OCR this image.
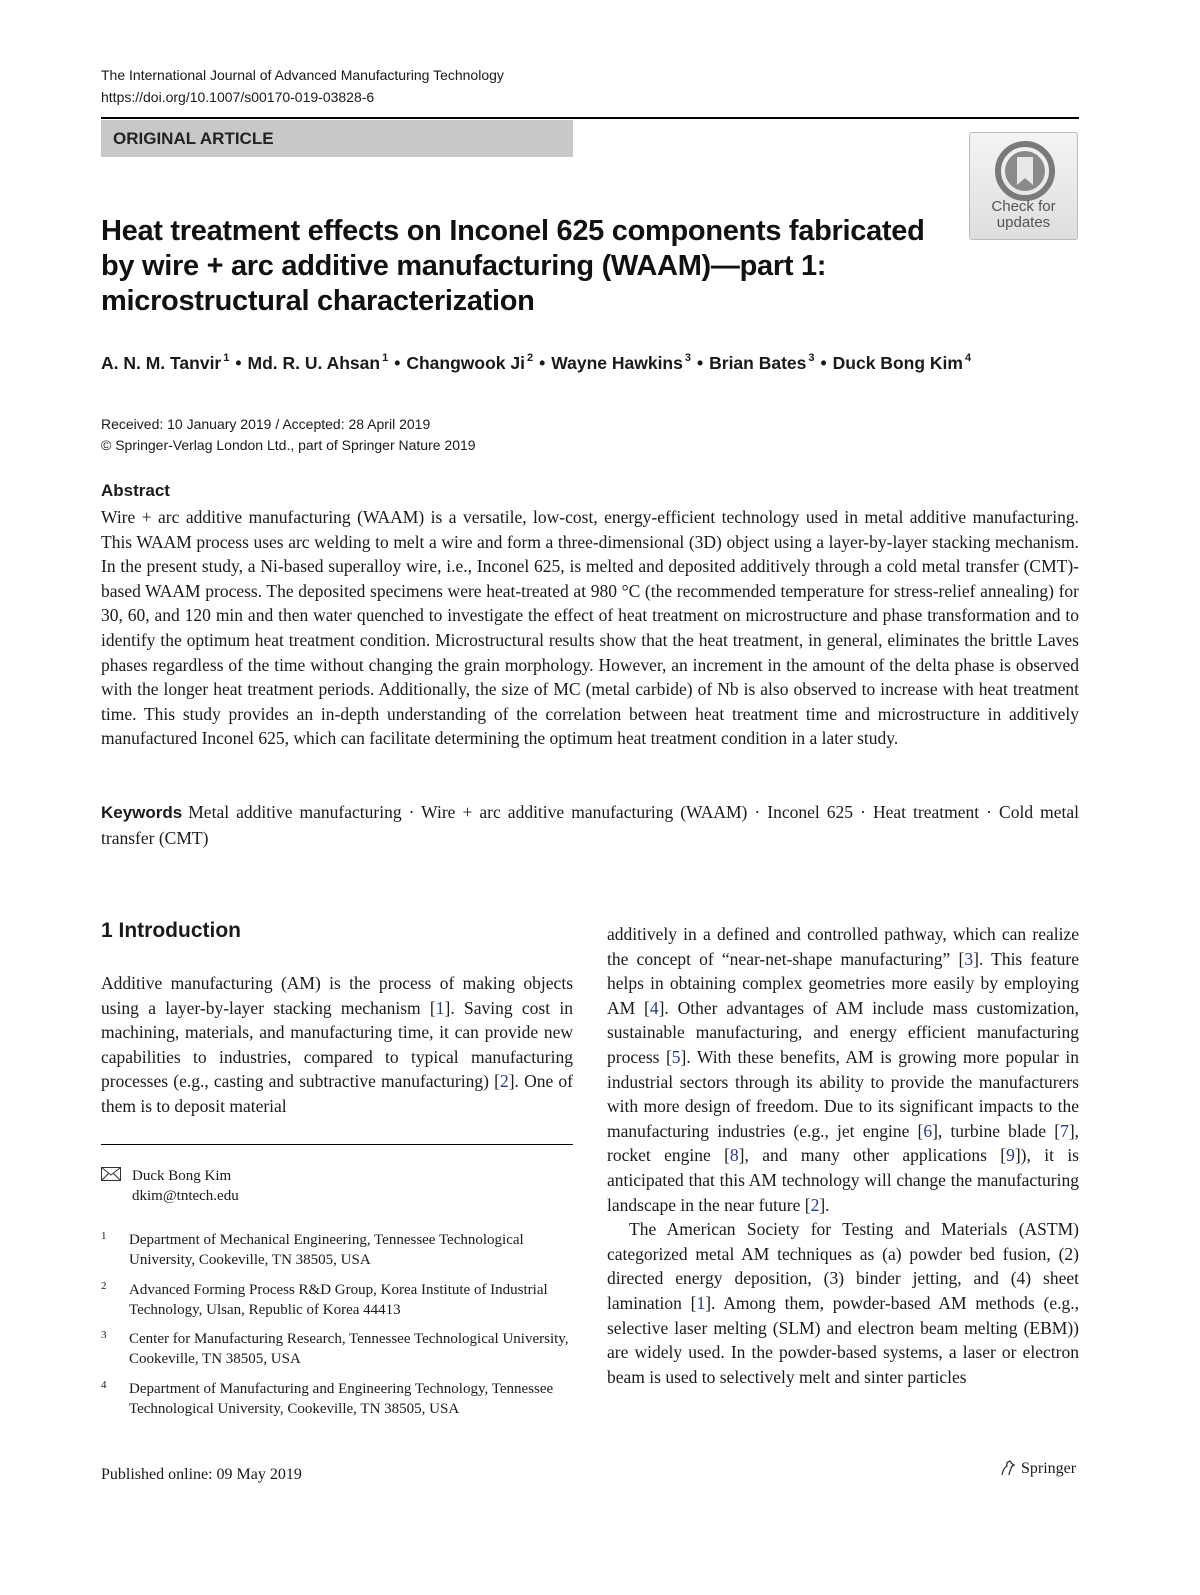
The International Journal of Advanced Manufacturing Technology
https://doi.org/10.1007/s00170-019-03828-6
ORIGINAL ARTICLE
Check for
updates
Heat treatment effects on Inconel 625 components fabricated by wire + arc additive manufacturing (WAAM)—part 1: microstructural characterization
A. N. M. Tanvir $^1$ • Md. R. U. Ahsan $^1$ • Changwook Ji $^2$ • Wayne Hawkins $^3$ • Brian Bates $^3$ • Duck Bong Kim $^4$
Received: 10 January 2019 / Accepted: 28 April 2019
© Springer-Verlag London Ltd., part of Springer Nature 2019
Abstract
Wire + arc additive manufacturing (WAAM) is a versatile, low-cost, energy-efficient technology used in metal additive manufacturing. This WAAM process uses arc welding to melt a wire and form a three-dimensional (3D) object using a layer-by-layer stacking mechanism. In the present study, a Ni-based superalloy wire, i.e., Inconel 625, is melted and deposited additively through a cold metal transfer (CMT)-based WAAM process. The deposited specimens were heat-treated at 980 °C (the recommended temperature for stress-relief annealing) for 30, 60, and 120 min and then water quenched to investigate the effect of heat treatment on microstructure and phase transformation and to identify the optimum heat treatment condition. Microstructural results show that the heat treatment, in general, eliminates the brittle Laves phases regardless of the time without changing the grain morphology. However, an increment in the amount of the delta phase is observed with the longer heat treatment periods. Additionally, the size of MC (metal carbide) of Nb is also observed to increase with heat treatment time. This study provides an in-depth understanding of the correlation between heat treatment time and microstructure in additively manufactured Inconel 625, which can facilitate determining the optimum heat treatment condition in a later study.
Keywords Metal additive manufacturing · Wire + arc additive manufacturing (WAAM) · Inconel 625 · Heat treatment · Cold metal transfer (CMT)
1 Introduction
Additive manufacturing (AM) is the process of making objects using a layer-by-layer stacking mechanism [1]. Saving cost in machining, materials, and manufacturing time, it can provide new capabilities to industries, compared to typical manufacturing processes (e.g., casting and subtractive manufacturing) [2]. One of them is to deposit material
Duck Bong Kim
dkim@tntech.edu
1 Department of Mechanical Engineering, Tennessee Technological University, Cookeville, TN 38505, USA
2 Advanced Forming Process R&D Group, Korea Institute of Industrial Technology, Ulsan, Republic of Korea 44413
3 Center for Manufacturing Research, Tennessee Technological University, Cookeville, TN 38505, USA
4 Department of Manufacturing and Engineering Technology, Tennessee Technological University, Cookeville, TN 38505, USA

additively in a defined and controlled pathway, which can realize the concept of “near-net-shape manufacturing” [3]. This feature helps in obtaining complex geometries more easily by employing AM [4]. Other advantages of AM include mass customization, sustainable manufacturing, and energy efficient manufacturing process [5]. With these benefits, AM is growing more popular in industrial sectors through its ability to provide the manufacturers with more design of freedom. Due to its significant impacts to the manufacturing industries (e.g., jet engine [6], turbine blade [7], rocket engine [8], and many other applications [9]), it is anticipated that this AM technology will change the manufacturing landscape in the near future [2].

The American Society for Testing and Materials (ASTM) categorized metal AM techniques as (a) powder bed fusion, (2) directed energy deposition, (3) binder jetting, and (4) sheet lamination [1]. Among them, powder-based AM methods (e.g., selective laser melting (SLM) and electron beam melting (EBM)) are widely used. In the powder-based systems, a laser or electron beam is used to selectively melt and sinter particles

Published online: 09 May 2019	Springer
